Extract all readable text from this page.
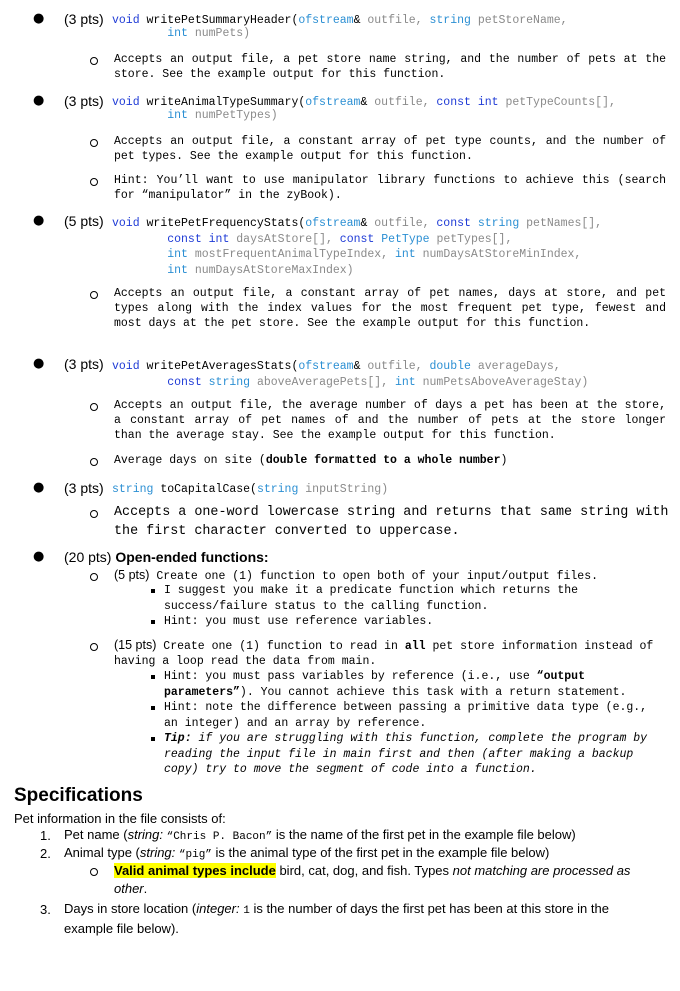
● (3 pts) void writePetSummaryHeader(ofstream& outfile, string petStoreName,
int numPets)
Accepts an output file, a pet store name string, and the number of pets at the store. See the example output for this function.
● (3 pts) void writeAnimalTypeSummary(ofstream& outfile, const int petTypeCounts[],
int numPetTypes)
Accepts an output file, a constant array of pet type counts, and the number of pet types. See the example output for this function.
Hint: You’ll want to use manipulator library functions to achieve this (search for “manipulator” in the zyBook).
● (5 pts) void writePetFrequencyStats(ofstream& outfile, const string petNames[],
const int daysAtStore[], const PetType petTypes[],
int mostFrequentAnimalTypeIndex, int numDaysAtStoreMinIndex,
int numDaysAtStoreMaxIndex)
Accepts an output file, a constant array of pet names, days at store, and pet types along with the index values for the most frequent pet type, fewest and most days at the pet store. See the example output for this function.
● (3 pts) void writePetAveragesStats(ofstream& outfile, double averageDays,
const string aboveAveragePets[], int numPetsAboveAverageStay)
Accepts an output file, the average number of days a pet has been at the store, a constant array of pet names of and the number of pets at the store longer than the average stay. See the example output for this function.
Average days on site (double formatted to a whole number)
● (3 pts) string toCapitalCase(string inputString)
Accepts a one-word lowercase string and returns that same string with the first character converted to uppercase.
● (20 pts) Open-ended functions:
(5 pts) Create one (1) function to open both of your input/output files.
I suggest you make it a predicate function which returns the success/failure status to the calling function.
Hint: you must use reference variables.
(15 pts) Create one (1) function to read in all pet store information instead of having a loop read the data from main.
Hint: you must pass variables by reference (i.e., use “output parameters”). You cannot achieve this task with a return statement.
Hint: note the difference between passing a primitive data type (e.g., an integer) and an array by reference.
Tip: if you are struggling with this function, complete the program by reading the input file in main first and then (after making a backup copy) try to move the segment of code into a function.
Specifications
Pet information in the file consists of:
1. Pet name (string: “Chris P. Bacon” is the name of the first pet in the example file below)
2. Animal type (string: “pig” is the animal type of the first pet in the example file below)
Valid animal types include bird, cat, dog, and fish. Types not matching are processed as other.
3. Days in store location (integer: 1 is the number of days the first pet has been at this store in the example file below).
